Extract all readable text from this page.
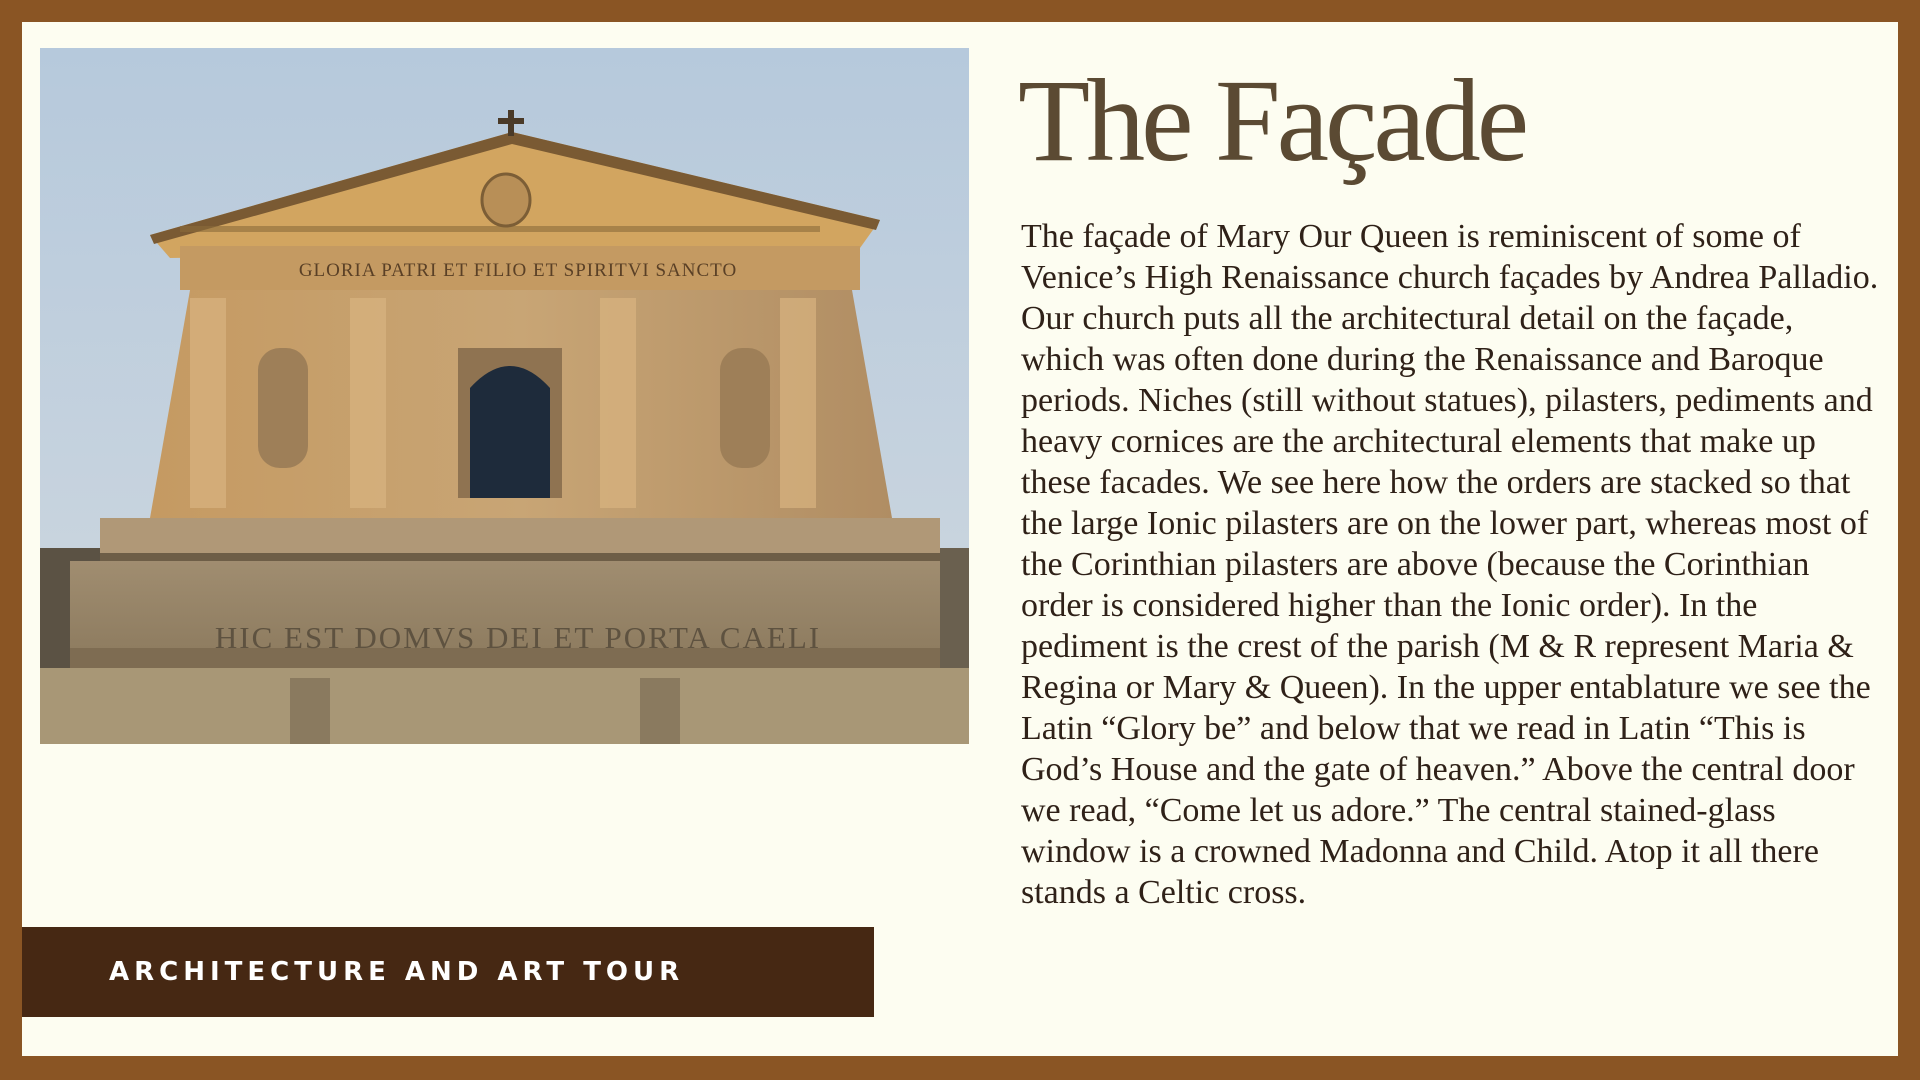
GLORIA PATRI ET FILIO ET SPIRITVI SANCTO
HIC EST DOMVS DEI ET PORTA CAELI
The Façade

The façade of Mary Our Queen is reminiscent of some of Venice’s High Renaissance church façades by Andrea Palladio. Our church puts all the architectural detail on the façade, which was often done during the Renaissance and Baroque periods. Niches (still without statues), pilasters, pediments and heavy cornices are the architectural elements that make up these facades. We see here how the orders are stacked so that the large Ionic pilasters are on the lower part, whereas most of the Corinthian pilasters are above (because the Corinthian order is considered higher than the Ionic order). In the pediment is the crest of the parish (M & R represent Maria & Regina or Mary & Queen). In the upper entablature we see the Latin “Glory be” and below that we read in Latin “This is God’s House and the gate of heaven.” Above the central door we read, “Come let us adore.” The central stained-glass window is a crowned Madonna and Child. Atop it all there stands a Celtic cross.

ARCHITECTURE AND ART TOUR
